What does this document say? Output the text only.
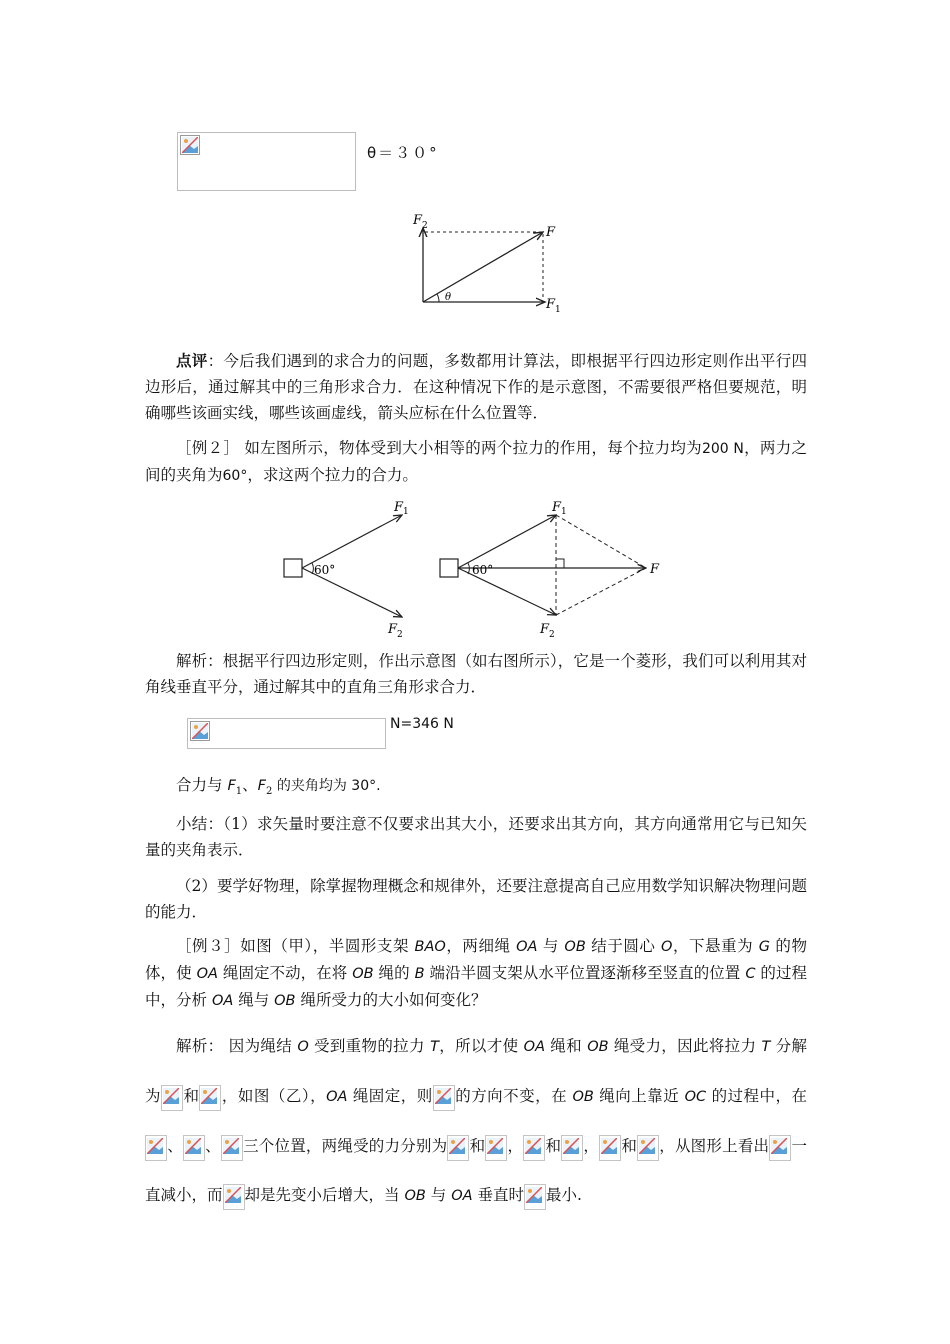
θ＝３０°
F 2	F
F 1
θ
点评：今后我们遇到的求合力的问题，多数都用计算法，即根据平行四边形定则作出平行四边形后，通过解其中的三角形求合力．在这种情况下作的是示意图，不需要很严格但要规范，明确哪些该画实线，哪些该画虚线，箭头应标在什么位置等．
［例２］ 如左图所示，物体受到大小相等的两个拉力的作用，每个拉力均为200 N，两力之间的夹角为60°，求这两个拉力的合力。
F 1
F 2
60°
F 1
F 2
F
60°
解析：根据平行四边形定则，作出示意图（如右图所示），它是一个菱形，我们可以利用其对角线垂直平分，通过解其中的直角三角形求合力．
N=346 N
合力与 $F_1$、$F_2$ 的夹角均为 30°.
小结：（1）求矢量时要注意不仅要求出其大小，还要求出其方向，其方向通常用它与已知矢量的夹角表示．
（2）要学好物理，除掌握物理概念和规律外，还要注意提高自己应用数学知识解决物理问题的能力．
［例３］如图（甲），半圆形支架 BAO，两细绳 OA 与 OB 结于圆心 O，下悬重为 G 的物体，使 OA 绳固定不动，在将 OB 绳的 B 端沿半圆支架从水平位置逐渐移至竖直的位置 C 的过程中，分析 OA 绳与 OB 绳所受力的大小如何变化？
解析： 因为绳结 O 受到重物的拉力 T，所以才使 OA 绳和 OB 绳受力，因此将拉力 T 分解为 和 ，如图（乙），OA 绳固定，则 的方向不变，在 OB 绳向上靠近 OC 的过程中，在
、 、 三个位置，两绳受的力分别为 和 ， 和 ， 和 ，从图形上看出 一直减小，而 却是先变小后增大，当 OB 与 OA 垂直时 最小.
